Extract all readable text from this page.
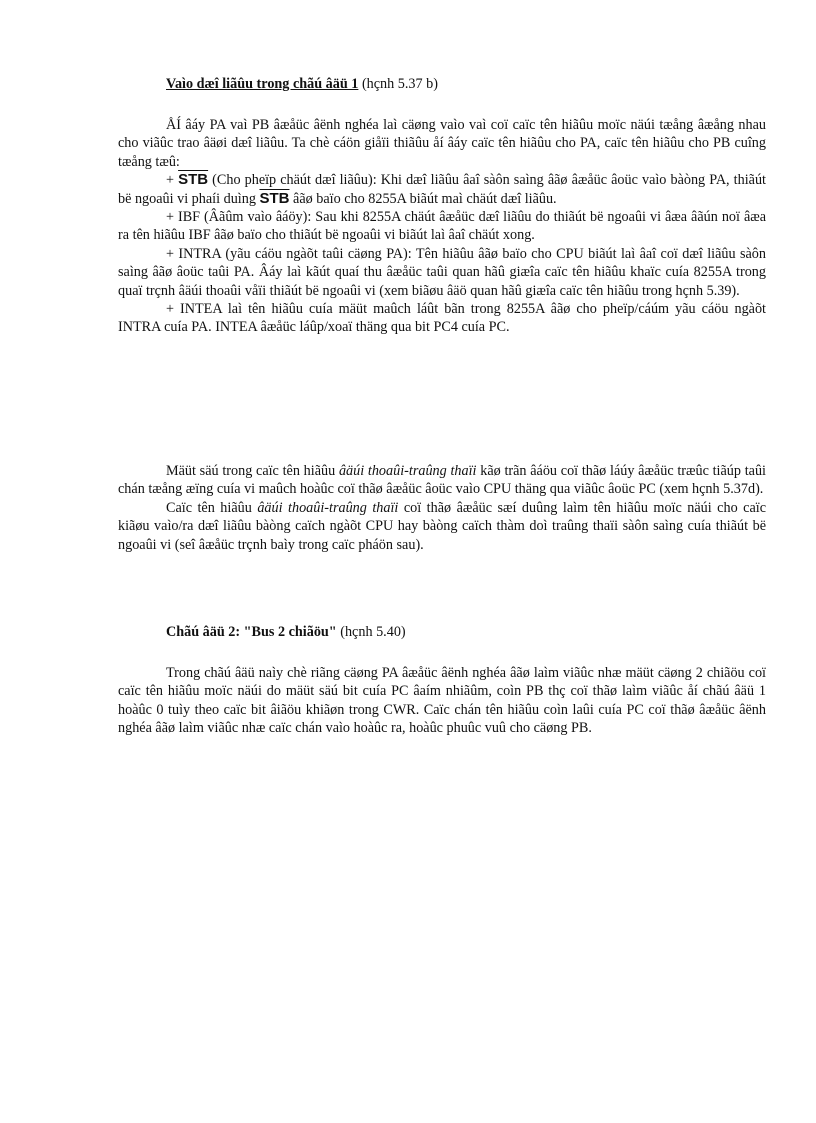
Vaìo dæî liãûu trong chãú âäü 1 (hçnh 5.37 b)

ÅÍ âáy PA vaì PB âæåüc âënh nghéa laì cäøng vaìo vaì coï caïc tên hiãûu moïc näúi tæång âæång nhau cho viãûc trao âäøi dæî liãûu. Ta chè cáön giåïi thiãûu åí âáy caïc tên hiãûu cho PA, caïc tên hiãûu cho PB cuîng tæång tæû:

+ $\overline{STB}$ (Cho pheïp chäút dæî liãûu): Khi dæî liãûu âaî sàôn saìng âãø âæåüc âoüc vaìo bàòng PA, thiãút bë ngoaûi vi phaíi duìng $\overline{STB}$ âãø baïo cho 8255A biãút maì chäút dæî liãûu.

+ IBF (Âãûm vaìo âáöy): Sau khi 8255A chäút âæåüc dæî liãûu do thiãút bë ngoaûi vi âæa âãún noï âæa ra tên hiãûu IBF âãø baïo cho thiãút bë ngoaûi vi biãút laì âaî chäút xong.

+ INTRA (yãu cáöu ngàõt taûi cäøng PA): Tên hiãûu âãø baïo cho CPU biãút laì âaî coï dæî liãûu sàôn saìng âãø âoüc taûi PA. Âáy laì kãút quaí thu âæåüc taûi quan hãû giæîa caïc tên hiãûu khaïc cuía 8255A trong quaï trçnh âäúi thoaûi våïi thiãút bë ngoaûi vi (xem biãøu âäö quan hãû giæîa caïc tên hiãûu trong hçnh 5.39).

+ INTEA laì tên hiãûu cuía mäüt maûch láût bãn trong 8255A âãø cho pheïp/cáúm yãu cáöu ngàõt INTRA cuía PA. INTEA âæåüc láûp/xoaï thäng qua bit PC4 cuía PC.

Mäüt säú trong caïc tên hiãûu âäúi thoaûi-traûng thaïi kãø trãn âáöu coï thãø láúy âæåüc træûc tiãúp taûi chán tæång æïng cuía vi maûch hoàûc coï thãø âæåüc âoüc vaìo CPU thäng qua viãûc âoüc PC (xem hçnh 5.37d).

Caïc tên hiãûu âäúi thoaûi-traûng thaïi coï thãø âæåüc sæí duûng laìm tên hiãûu moïc näúi cho caïc kiãøu vaìo/ra dæî liãûu bàòng caïch ngàõt CPU hay bàòng caïch thàm doì traûng thaïi sàôn saìng cuía thiãút bë ngoaûi vi (seî âæåüc trçnh baìy trong caïc pháön sau).

Chãú âäü 2: "Bus 2 chiãöu" (hçnh 5.40)

Trong chãú âäü naìy chè riãng cäøng PA âæåüc âënh nghéa âãø laìm viãûc nhæ mäüt cäøng 2 chiãöu coï caïc tên hiãûu moïc näúi do mäüt säú bit cuía PC âaím nhiãûm, coìn PB thç coï thãø laìm viãûc åí chãú âäü 1 hoàûc 0 tuìy theo caïc bit âiãöu khiãøn trong CWR. Caïc chán tên hiãûu coìn laûi cuía PC coï thãø âæåüc âënh nghéa âãø laìm viãûc nhæ caïc chán vaìo hoàûc ra, hoàûc phuûc vuû cho cäøng PB.
